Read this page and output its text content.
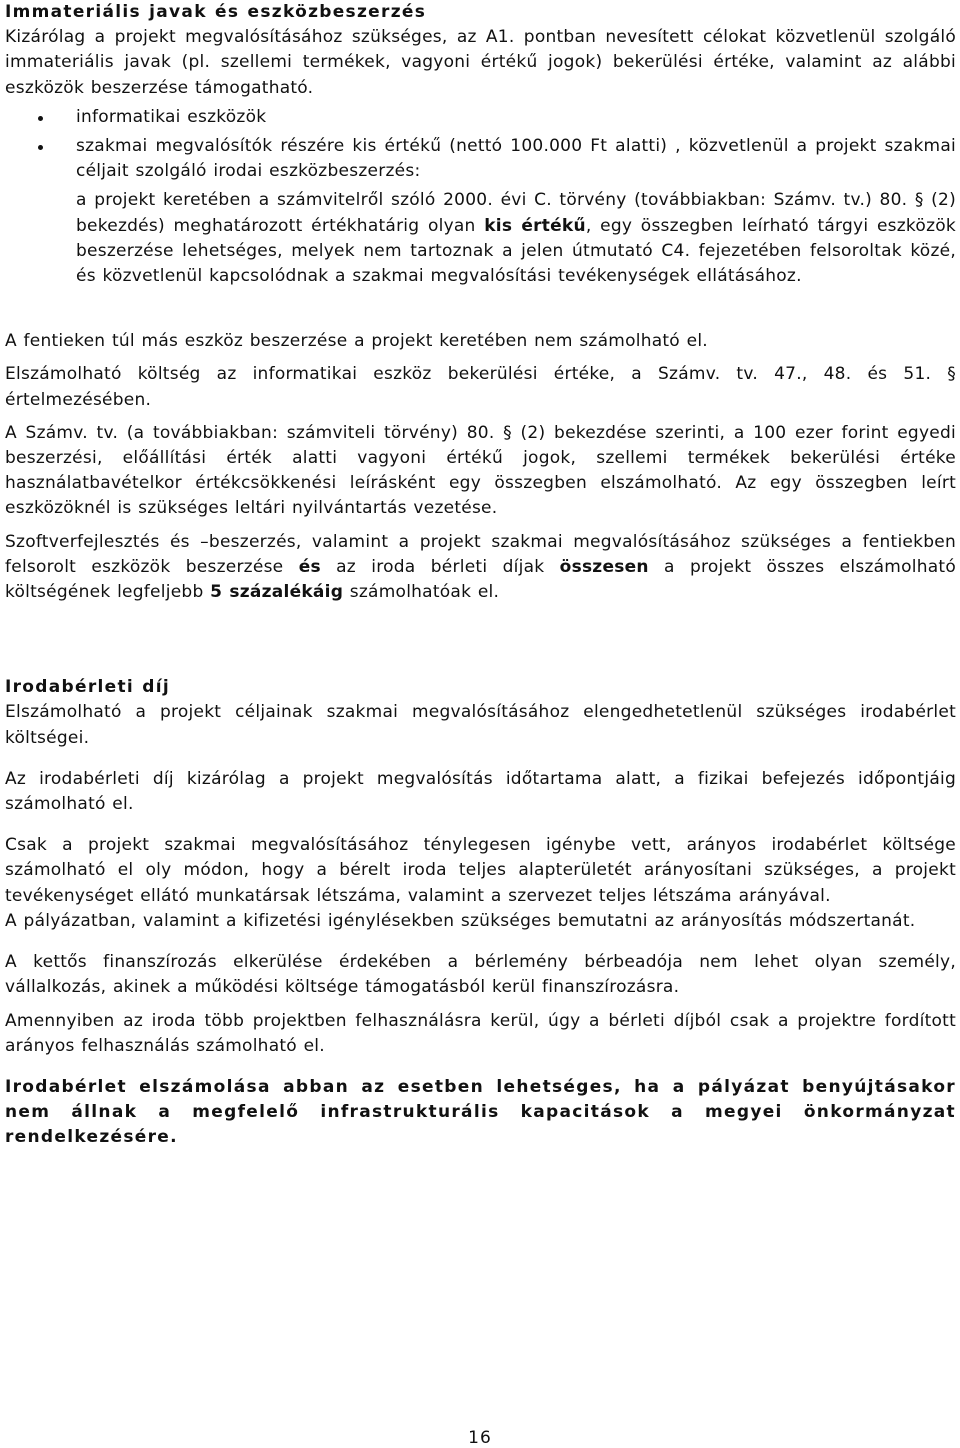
Immateriális javak és eszközbeszerzés

Kizárólag a projekt megvalósításához szükséges, az A1. pontban nevesített célokat közvetlenül szolgáló immateriális javak (pl. szellemi termékek, vagyoni értékű jogok) bekerülési értéke, valamint az alábbi eszközök beszerzése támogatható.

informatikai eszközök
szakmai megvalósítók részére kis értékű (nettó 100.000 Ft alatti) , közvetlenül a projekt szakmai céljait szolgáló irodai eszközbeszerzés:

a projekt keretében a számvitelről szóló 2000. évi C. törvény (továbbiakban: Számv. tv.) 80. § (2) bekezdés) meghatározott értékhatárig olyan kis értékű, egy összegben leírható tárgyi eszközök beszerzése lehetséges, melyek nem tartoznak a jelen útmutató C4. fejezetében felsoroltak közé, és közvetlenül kapcsolódnak a szakmai megvalósítási tevékenységek ellátásához.

A fentieken túl más eszköz beszerzése a projekt keretében nem számolható el.

Elszámolható költség az informatikai eszköz bekerülési értéke, a Számv. tv. 47., 48. és 51. § értelmezésében.

A Számv. tv. (a továbbiakban: számviteli törvény) 80. § (2) bekezdése szerinti, a 100 ezer forint egyedi beszerzési, előállítási érték alatti vagyoni értékű jogok, szellemi termékek bekerülési értéke használatbavételkor értékcsökkenési leírásként egy összegben elszámolható. Az egy összegben leírt eszközöknél is szükséges leltári nyilvántartás vezetése.

Szoftverfejlesztés és –beszerzés, valamint a projekt szakmai megvalósításához szükséges a fentiekben felsorolt eszközök beszerzése és az iroda bérleti díjak összesen a projekt összes elszámolható költségének legfeljebb 5 százalékáig számolhatóak el.

Irodabérleti díj

Elszámolható a projekt céljainak szakmai megvalósításához elengedhetetlenül szükséges irodabérlet költségei.

Az irodabérleti díj kizárólag a projekt megvalósítás időtartama alatt, a fizikai befejezés időpontjáig számolható el.

Csak a projekt szakmai megvalósításához ténylegesen igénybe vett, arányos irodabérlet költsége számolható el oly módon, hogy a bérelt iroda teljes alapterületét arányosítani szükséges, a projekt tevékenységet ellátó munkatársak létszáma, valamint a szervezet teljes létszáma arányával.

A pályázatban, valamint a kifizetési igénylésekben szükséges bemutatni az arányosítás módszertanát.

A kettős finanszírozás elkerülése érdekében a bérlemény bérbeadója nem lehet olyan személy, vállalkozás, akinek a működési költsége támogatásból kerül finanszírozásra.

Amennyiben az iroda több projektben felhasználásra kerül, úgy a bérleti díjból csak a projektre fordított arányos felhasználás számolható el.

Irodabérlet elszámolása abban az esetben lehetséges, ha a pályázat benyújtásakor nem állnak a megfelelő infrastrukturális kapacitások a megyei önkormányzat rendelkezésére.

16
